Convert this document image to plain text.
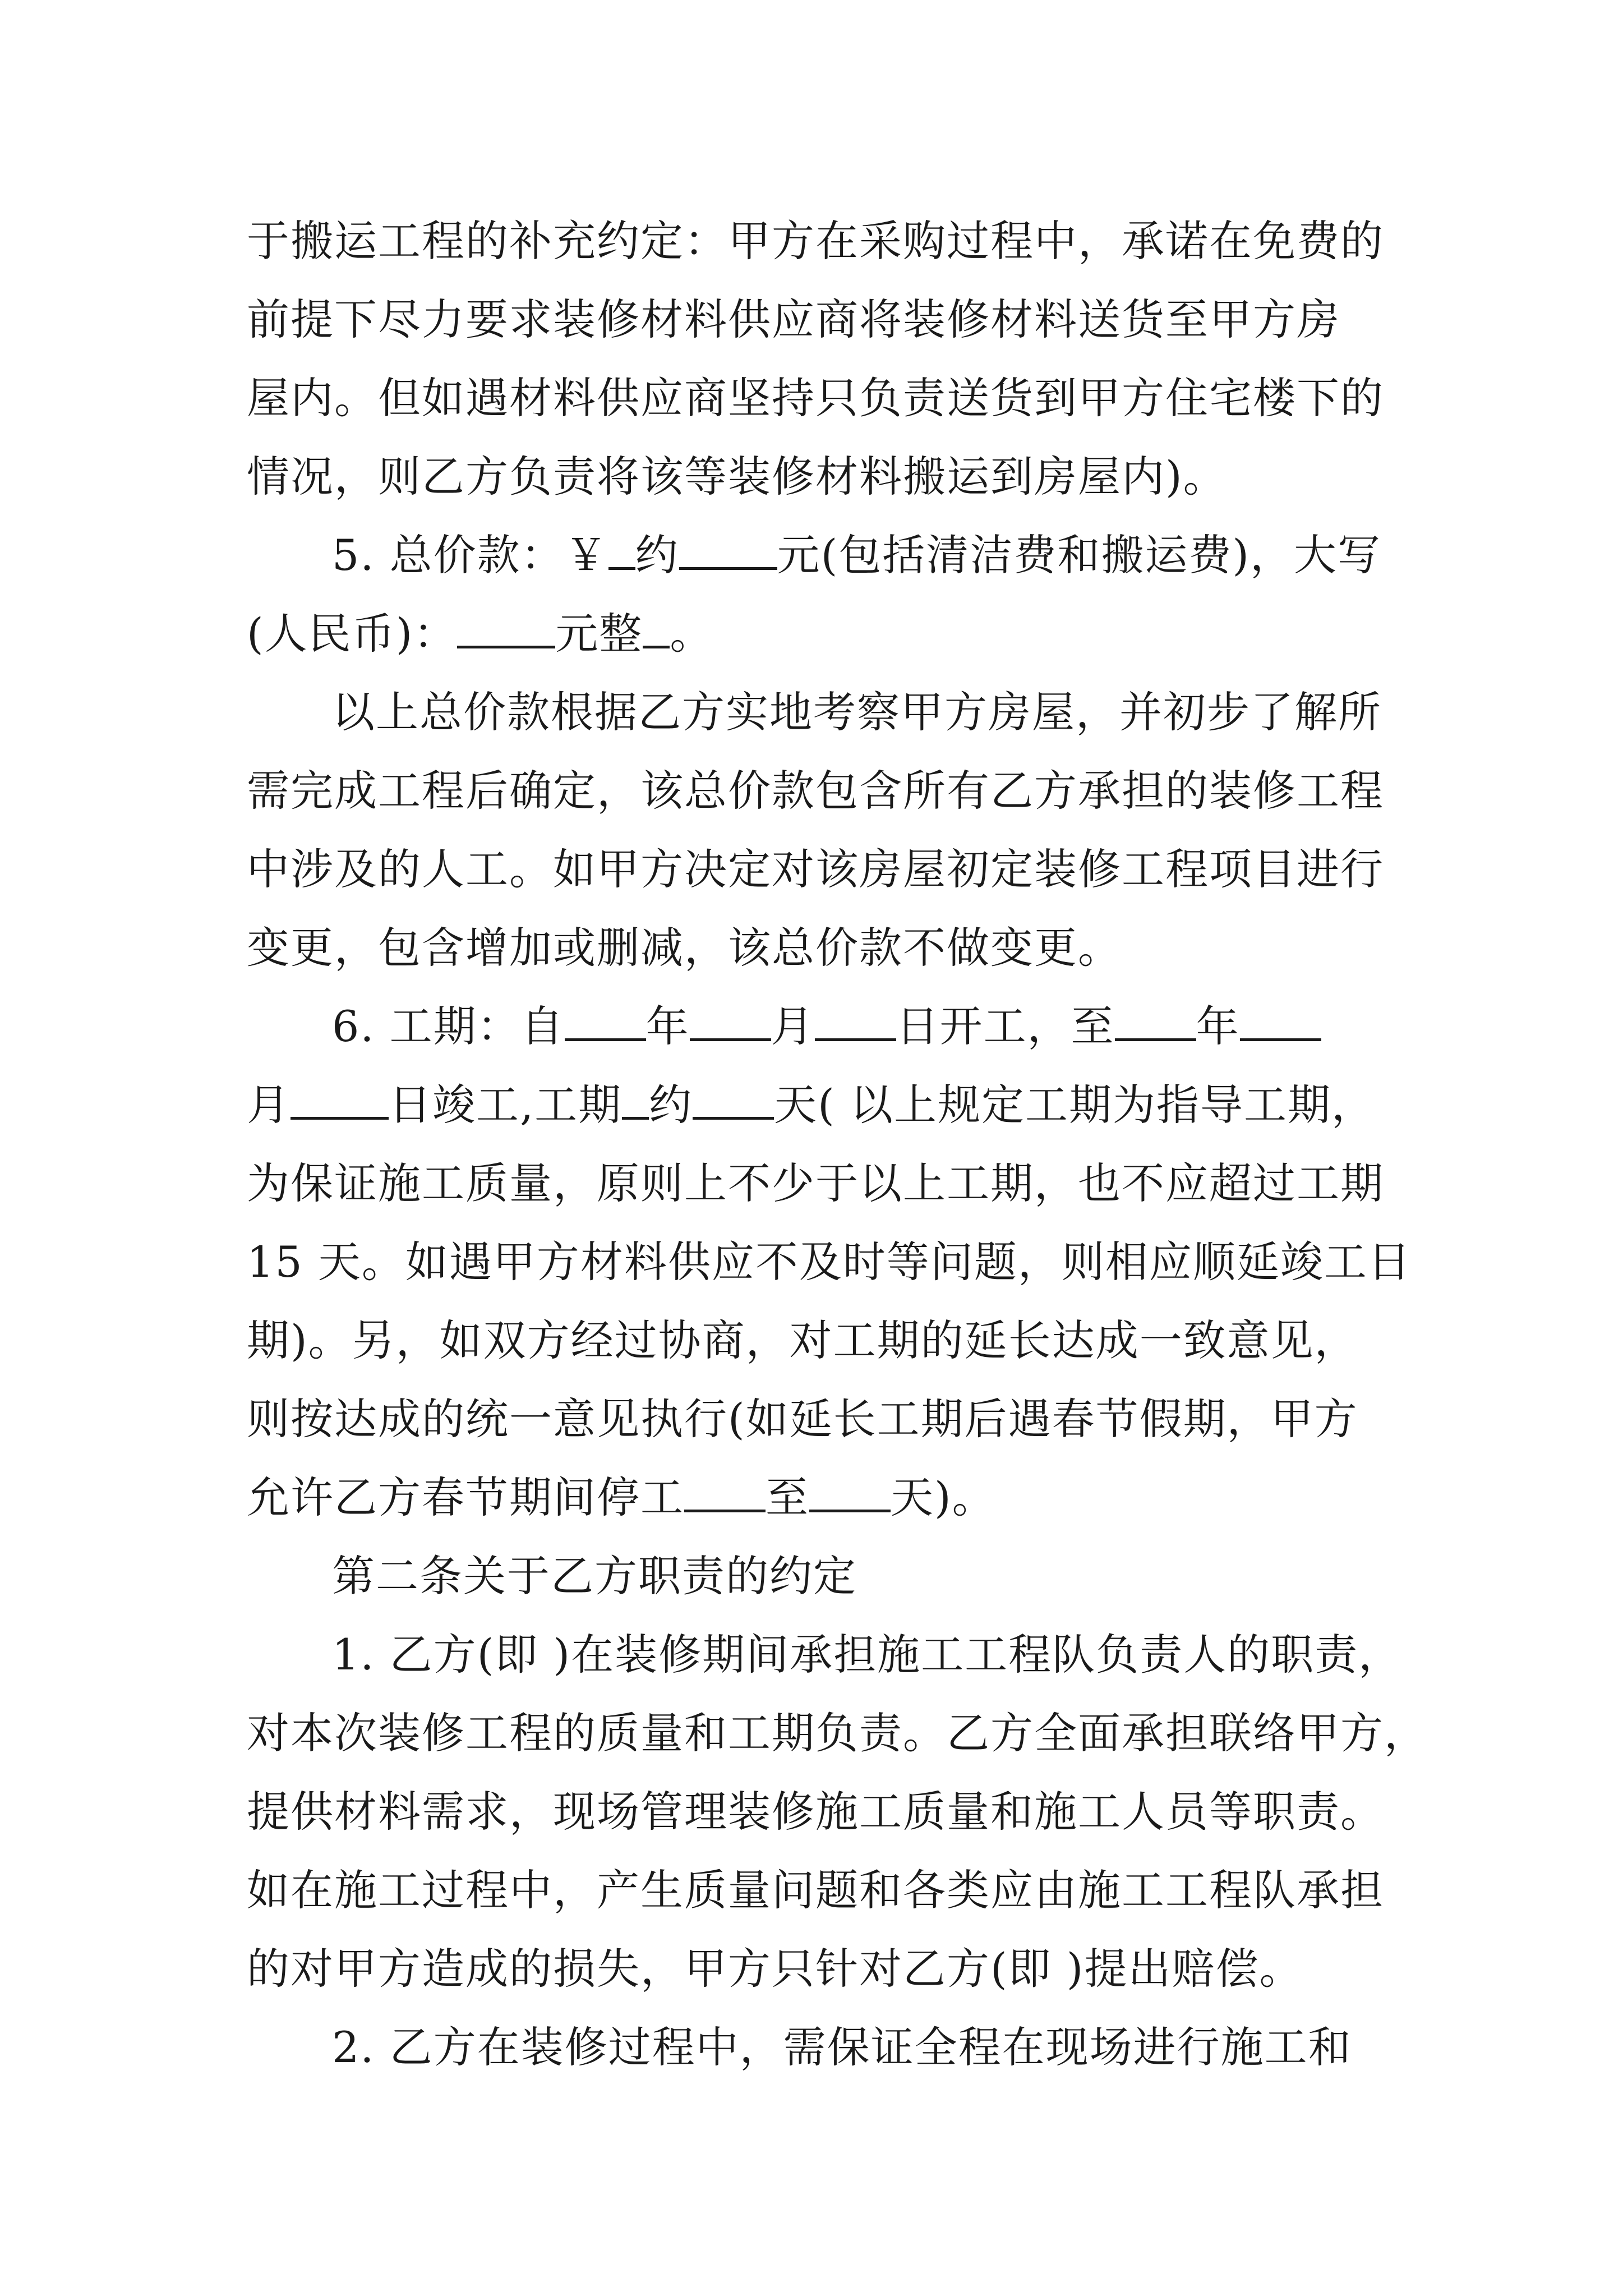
于搬运工程的补充约定：甲方在采购过程中，承诺在免费的
前提下尽力要求装修材料供应商将装修材料送货至甲方房
屋内。但如遇材料供应商坚持只负责送货到甲方住宅楼下的
情况，则乙方负责将该等装修材料搬运到房屋内)。
5. 总价款：￥ 约 元(包括清洁费和搬运费)，大写
(人民币)： 元整 。
以上总价款根据乙方实地考察甲方房屋，并初步了解所
需完成工程后确定，该总价款包含所有乙方承担的装修工程
中涉及的人工。如甲方决定对该房屋初定装修工程项目进行
变更，包含增加或删减，该总价款不做变更。
6. 工期：自 年 月 日开工，至 年
月 日竣工,工期 约 天( 以上规定工期为指导工期，
为保证施工质量，原则上不少于以上工期，也不应超过工期
15 天。如遇甲方材料供应不及时等问题，则相应顺延竣工日
期)。另，如双方经过协商，对工期的延长达成一致意见，
则按达成的统一意见执行(如延长工期后遇春节假期，甲方
允许乙方春节期间停工 至 天)。
第二条关于乙方职责的约定
1. 乙方(即 )在装修期间承担施工工程队负责人的职责，
对本次装修工程的质量和工期负责。乙方全面承担联络甲方，
提供材料需求，现场管理装修施工质量和施工人员等职责。
如在施工过程中，产生质量问题和各类应由施工工程队承担
的对甲方造成的损失，甲方只针对乙方(即 )提出赔偿。
2. 乙方在装修过程中，需保证全程在现场进行施工和
